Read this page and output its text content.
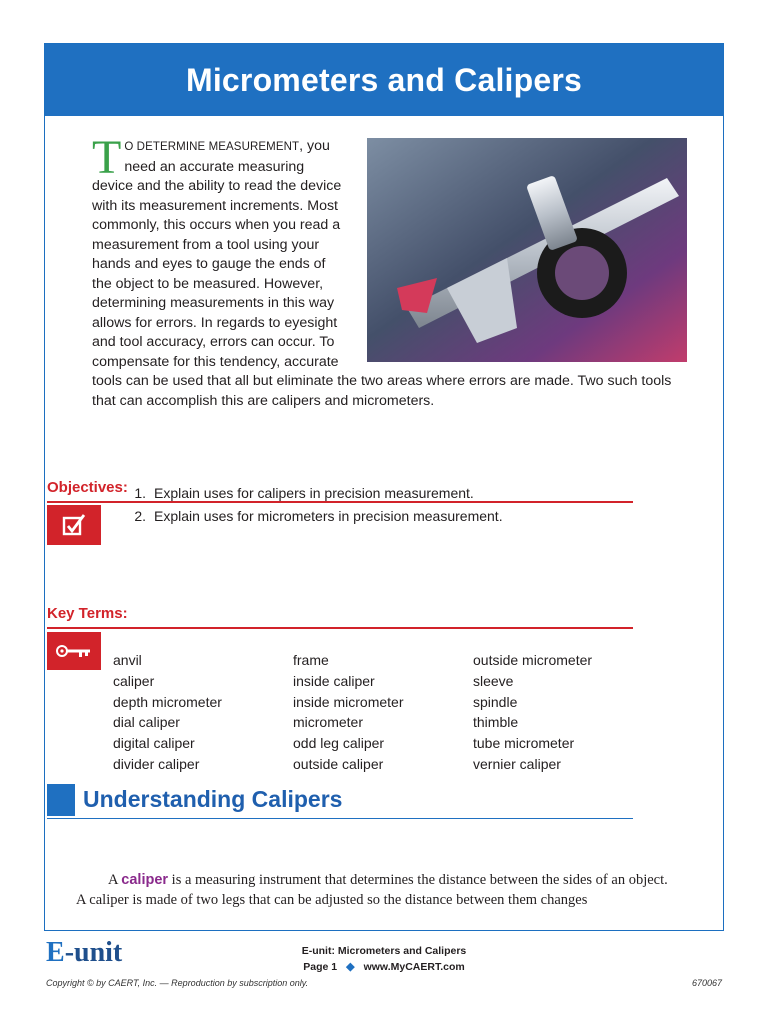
Micrometers and Calipers
TO DETERMINE MEASUREMENT, you need an accurate measuring device and the ability to read the device with its measurement increments. Most commonly, this occurs when you read a measurement from a tool using your hands and eyes to gauge the ends of the object to be measured. However, determining measurements in this way allows for errors. In regards to eyesight and tool accuracy, errors can occur. To compensate for this tendency, accurate tools can be used that all but eliminate the two areas where errors are made. Two such tools that can accomplish this are calipers and micrometers.
Objectives: 1. Explain uses for calipers in precision measurement.
2. Explain uses for micrometers in precision measurement.
Key Terms:
anvil
caliper
depth micrometer
dial caliper
digital caliper
divider caliper
frame
inside caliper
inside micrometer
micrometer
odd leg caliper
outside caliper
outside micrometer
sleeve
spindle
thimble
tube micrometer
vernier caliper
Understanding Calipers
A caliper is a measuring instrument that determines the distance between the sides of an object. A caliper is made of two legs that can be adjusted so the distance between them changes
E-unit	E-unit: Micrometers and Calipers
Page 1 ◆ www.MyCAERT.com
Copyright © by CAERT, Inc. — Reproduction by subscription only.	670067
